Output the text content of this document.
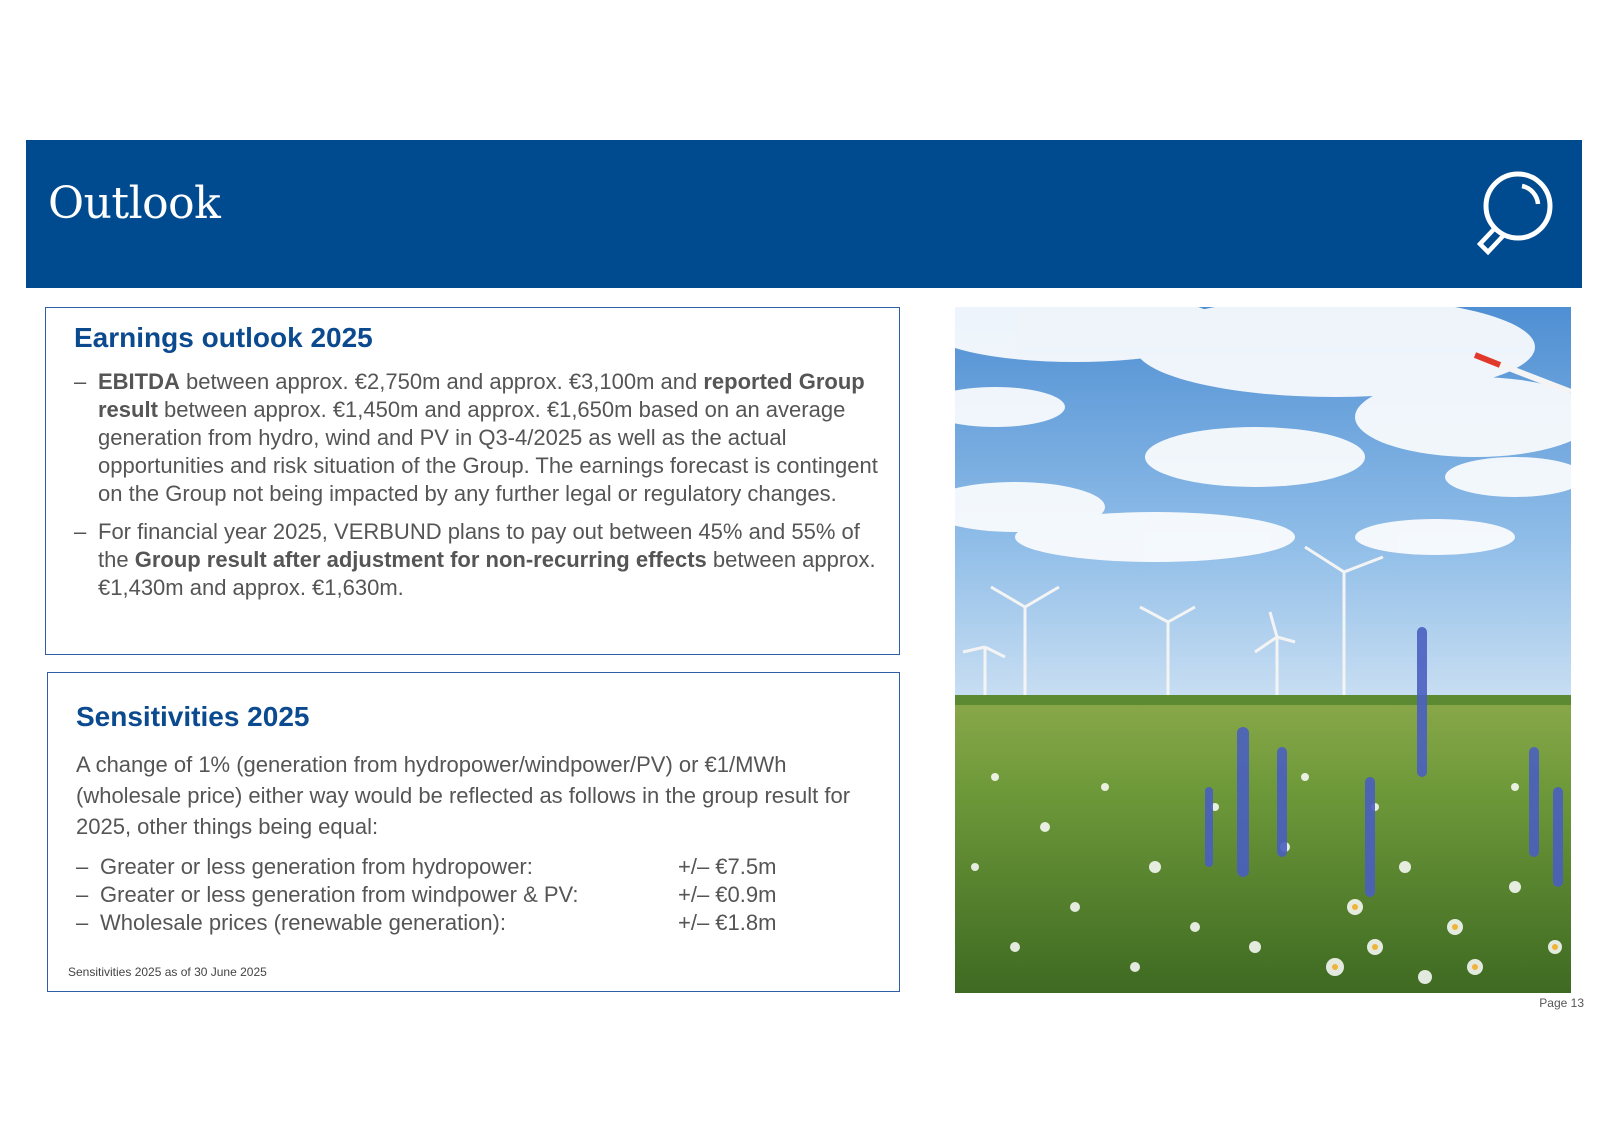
Outlook
Earnings outlook 2025
– EBITDA between approx. €2,750m and approx. €3,100m and reported Group result between approx. €1,450m and approx. €1,650m based on an average generation from hydro, wind and PV in Q3-4/2025 as well as the actual opportunities and risk situation of the Group. The earnings forecast is contingent on the Group not being impacted by any further legal or regulatory changes.
– For financial year 2025, VERBUND plans to pay out between 45% and 55% of the Group result after adjustment for non-recurring effects between approx. €1,430m and approx. €1,630m.
Sensitivities 2025

A change of 1% (generation from hydropower/windpower/PV) or €1/MWh (wholesale price) either way would be reflected as follows in the group result for 2025, other things being equal:

– Greater or less generation from hydropower:	+/– €7.5m
– Greater or less generation from windpower & PV:	+/– €0.9m
– Wholesale prices (renewable generation):	+/– €1.8m
Sensitivities 2025 as of 30 June 2025
Page 13
